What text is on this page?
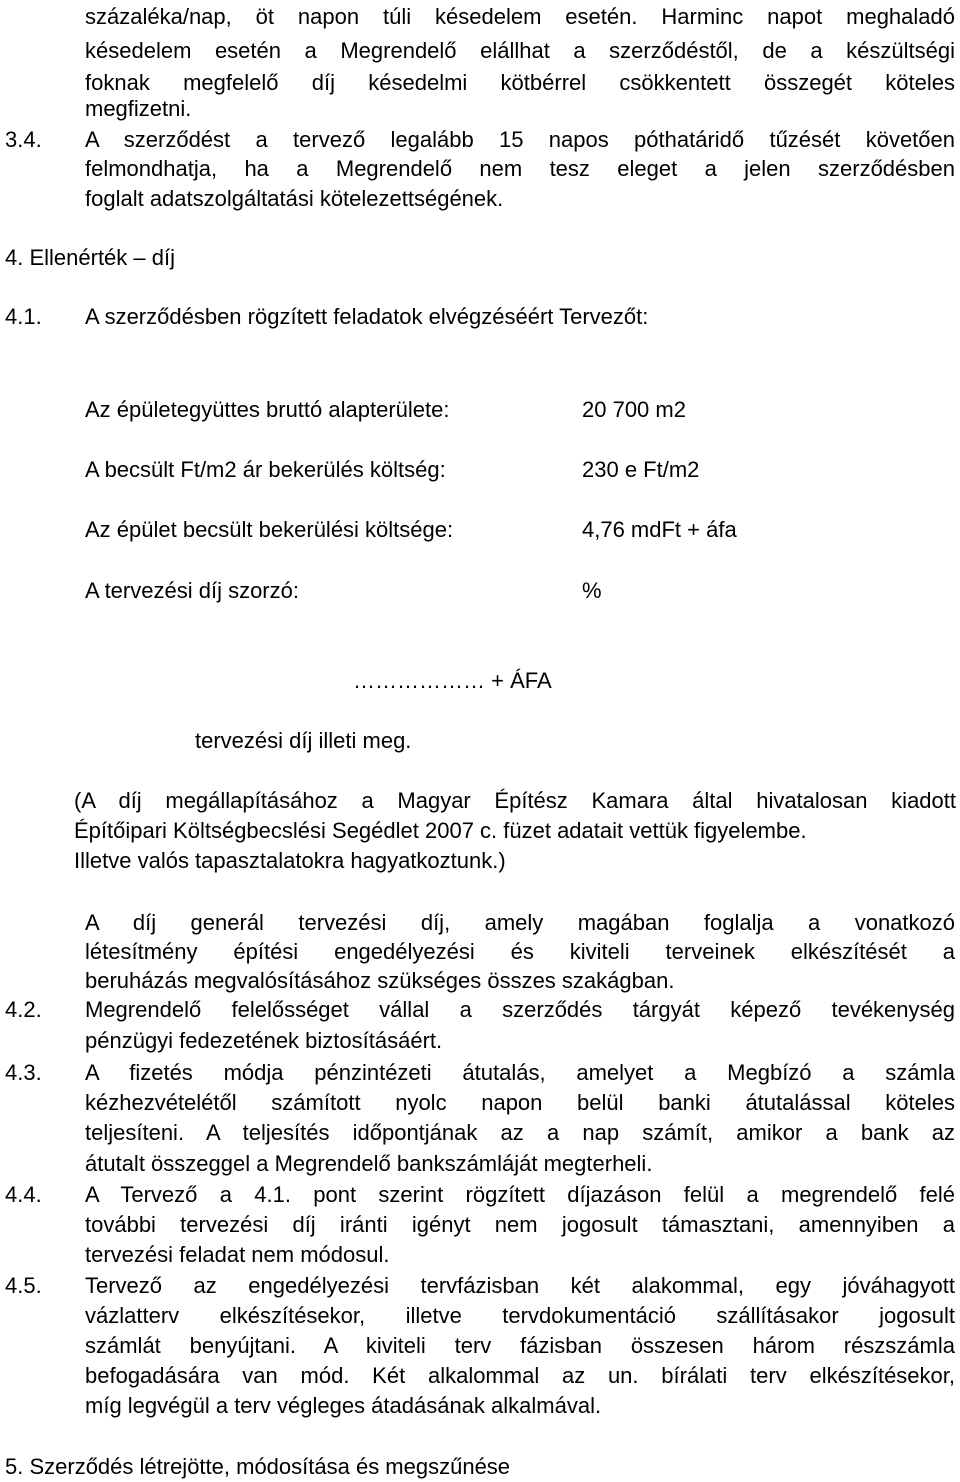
százaléka/nap, öt napon túli késedelem esetén. Harminc napot meghaladó
késedelem esetén a Megrendelő elállhat a szerződéstől, de a készültségi
foknak megfelelő díj késedelmi kötbérrel csökkentett összegét köteles
megfizetni.
3.4. A szerződést a tervező legalább 15 napos póthatáridő tűzését követően
felmondhatja, ha a Megrendelő nem tesz eleget a jelen szerződésben
foglalt adatszolgáltatási kötelezettségének.
4. Ellenérték – díj
4.1. A szerződésben rögzített feladatok elvégzéséért Tervezőt:
Az épületegyüttes bruttó alapterülete:	20 700 m2
A becsült Ft/m2 ár bekerülés költség:	230 e Ft/m2
Az épület becsült bekerülési költsége:	4,76 mdFt + áfa
A tervezési díj szorzó:	%
……………… + ÁFA
tervezési díj illeti meg.
(A díj megállapításához a Magyar Építész Kamara által hivatalosan kiadott
Építőipari Költségbecslési Segédlet 2007 c. füzet adatait vettük figyelembe.
Illetve valós tapasztalatokra hagyatkoztunk.)
A díj generál tervezési díj, amely magában foglalja a vonatkozó
létesítmény építési engedélyezési és kiviteli terveinek elkészítését a
beruházás megvalósításához szükséges összes szakágban.
4.2. Megrendelő felelősséget vállal a szerződés tárgyát képező tevékenység
pénzügyi fedezetének biztosításáért.
4.3. A fizetés módja pénzintézeti átutalás, amelyet a Megbízó a számla
kézhezvételétől számított nyolc napon belül banki átutalással köteles
teljesíteni. A teljesítés időpontjának az a nap számít, amikor a bank az
átutalt összeggel a Megrendelő bankszámláját megterheli.
4.4. A Tervező a 4.1. pont szerint rögzített díjazáson felül a megrendelő felé
további tervezési díj iránti igényt nem jogosult támasztani, amennyiben a
tervezési feladat nem módosul.
4.5. Tervező az engedélyezési tervfázisban két alakommal, egy jóváhagyott
vázlatterv elkészítésekor, illetve tervdokumentáció szállításakor jogosult
számlát benyújtani. A kiviteli terv fázisban összesen három részszámla
befogadására van mód. Két alkalommal az un. bírálati terv elkészítésekor,
míg legvégül a terv végleges átadásának alkalmával.
5. Szerződés létrejötte, módosítása és megszűnése
